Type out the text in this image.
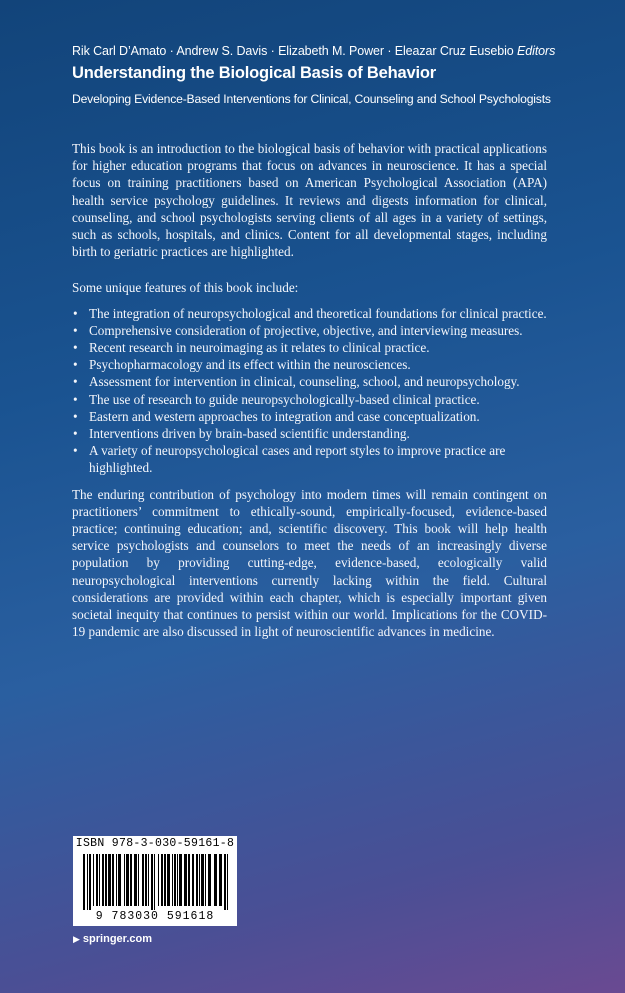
Rik Carl D’Amato · Andrew S. Davis · Elizabeth M. Power · Eleazar Cruz Eusebio Editors
Understanding the Biological Basis of Behavior
Developing Evidence-Based Interventions for Clinical, Counseling and School Psychologists

This book is an introduction to the biological basis of behavior with practical applications for higher education programs that focus on advances in neuroscience. It has a special focus on training practitioners based on American Psychological Association (APA) health service psychology guidelines. It reviews and digests information for clinical, counseling, and school psychologists serving clients of all ages in a variety of settings, such as schools, hospitals, and clinics. Content for all developmental stages, including birth to geriatric practices are highlighted.

Some unique features of this book include:

• The integration of neuropsychological and theoretical foundations for clinical practice.
• Comprehensive consideration of projective, objective, and interviewing measures.
• Recent research in neuroimaging as it relates to clinical practice.
• Psychopharmacology and its effect within the neurosciences.
• Assessment for intervention in clinical, counseling, school, and neuropsychology.
• The use of research to guide neuropsychologically-based clinical practice.
• Eastern and western approaches to integration and case conceptualization.
• Interventions driven by brain-based scientific understanding.
• A variety of neuropsychological cases and report styles to improve practice are highlighted.

The enduring contribution of psychology into modern times will remain contingent on practitioners’ commitment to ethically-sound, empirically-focused, evidence-based practice; continuing education; and, scientific discovery. This book will help health service psychologists and counselors to meet the needs of an increasingly diverse population by providing cutting-edge, evidence-based, ecologically valid neuropsychological interventions currently lacking within the field. Cultural considerations are provided within each chapter, which is especially important given societal inequity that continues to persist within our world. Implications for the COVID-19 pandemic are also discussed in light of neuroscientific advances in medicine.

ISBN 978-3-030-59161-8
9 783030 591618
▶ springer.com
